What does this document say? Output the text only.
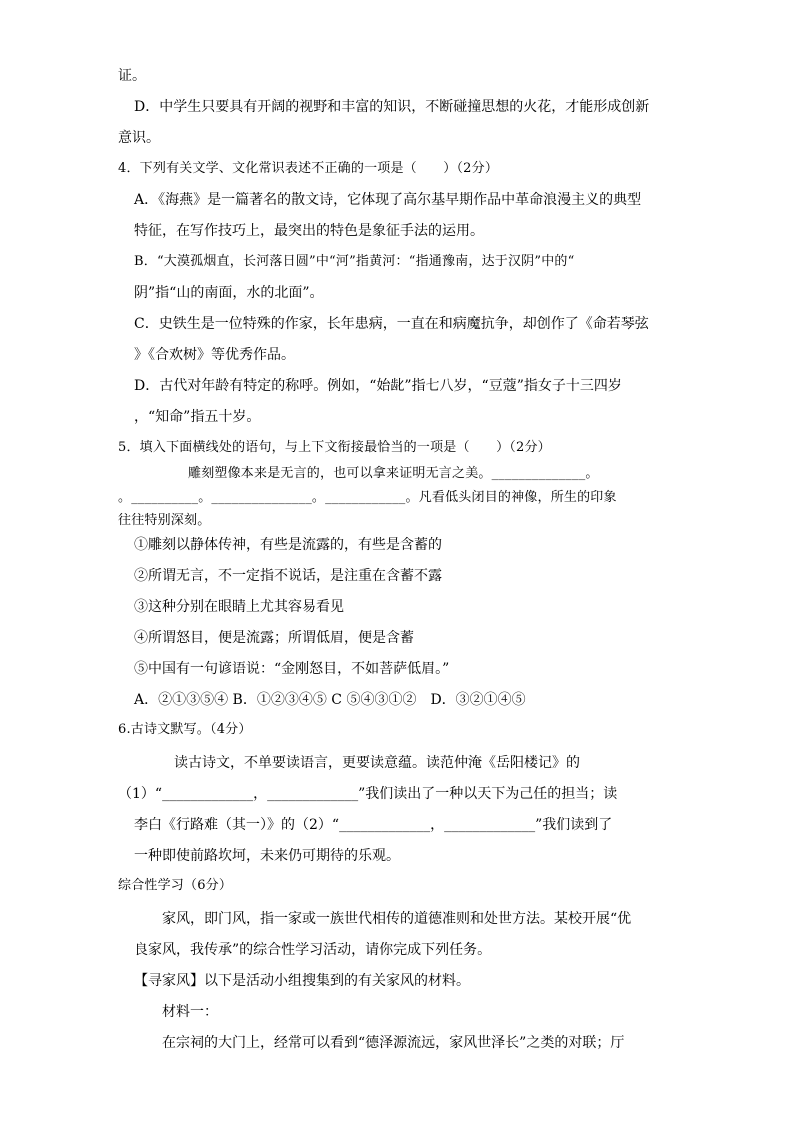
证。
D．中学生只要具有开阔的视野和丰富的知识，不断碰撞思想的火花，才能形成创新
意识。
4．下列有关文学、文化常识表述不正确的一项是（　　）（2分）
A．《海燕》是一篇著名的散文诗，它体现了高尔基早期作品中革命浪漫主义的典型
特征，在写作技巧上，最突出的特色是象征手法的运用。
B．“大漠孤烟直，长河落日圆”中“河”指黄河：“指通豫南，达于汉阴”中的“
阴”指“山的南面，水的北面”。
C．史铁生是一位特殊的作家，长年患病，一直在和病魔抗争，却创作了《命若琴弦
》《合欢树》等优秀作品。
D．古代对年龄有特定的称呼。例如，“始龀”指七八岁，“豆蔻”指女子十三四岁
，“知命”指五十岁。
5．填入下面横线处的语句，与上下文衔接最恰当的一项是（　　）（2分）
雕刻塑像本来是无言的，也可以拿来证明无言之美。______________。
。__________。_______________。____________。凡看低头闭目的神像，所生的印象
往往特别深刻。
①雕刻以静体传神，有些是流露的，有些是含蓄的
②所谓无言，不一定指不说话，是注重在含蓄不露
③这种分别在眼睛上尤其容易看见
④所谓怒目，便是流露；所谓低眉，便是含蓄
⑤中国有一句谚语说：“金刚怒目，不如菩萨低眉。”
A．②①③⑤④ B．①②③④⑤ C ⑤④③①②　D．③②①④⑤
6.古诗文默写。（4分）
读古诗文，不单要读语言，更要读意蕴。读范仲淹《岳阳楼记》的
（1）“_____________，_____________”我们读出了一种以天下为己任的担当；读
李白《行路难（其一）》的（2）“_____________，_____________”我们读到了
一种即使前路坎坷，未来仍可期待的乐观。
综合性学习（6分）
家风，即门风，指一家或一族世代相传的道德准则和处世方法。某校开展“优
良家风，我传承”的综合性学习活动，请你完成下列任务。
【寻家风】以下是活动小组搜集到的有关家风的材料。
材料一：
在宗祠的大门上，经常可以看到“德泽源流远，家风世泽长”之类的对联；厅
